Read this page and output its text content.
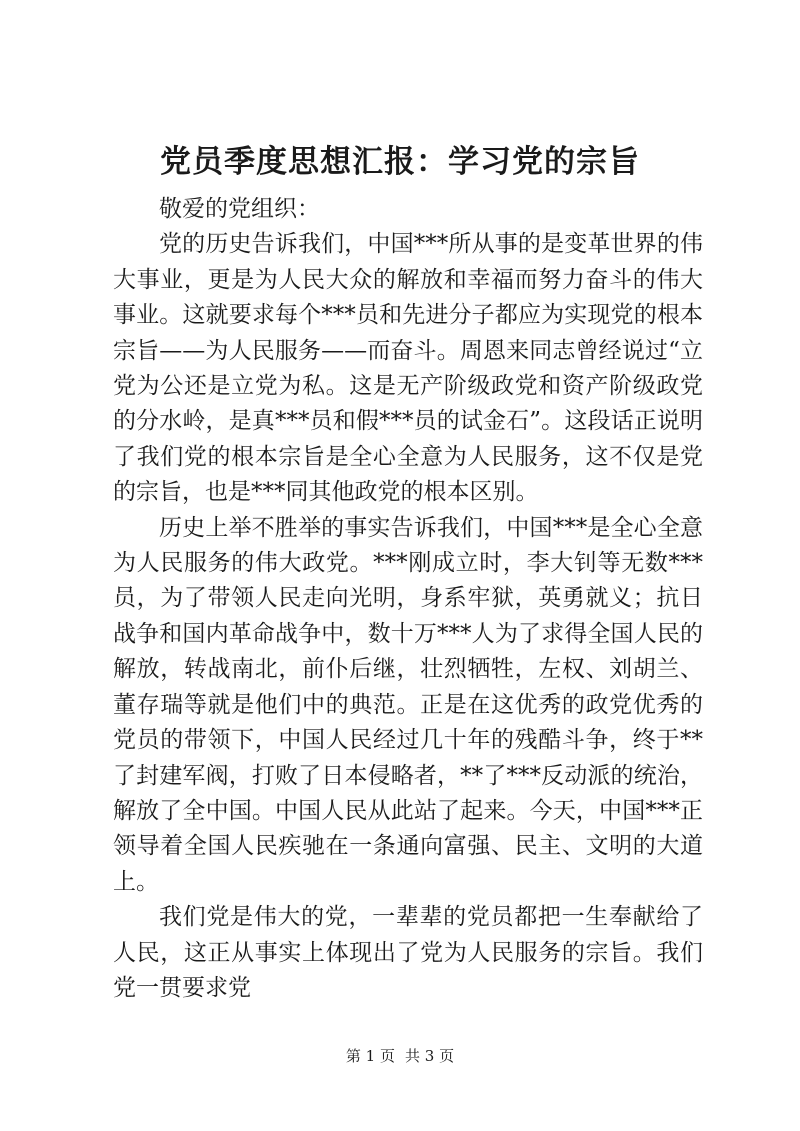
党员季度思想汇报：学习党的宗旨

敬爱的党组织：

党的历史告诉我们，中国***所从事的是变革世界的伟大事业，更是为人民大众的解放和幸福而努力奋斗的伟大事业。这就要求每个***员和先进分子都应为实现党的根本宗旨——为人民服务——而奋斗。周恩来同志曾经说过“立党为公还是立党为私。这是无产阶级政党和资产阶级政党的分水岭，是真***员和假***员的试金石”。这段话正说明了我们党的根本宗旨是全心全意为人民服务，这不仅是党的宗旨，也是***同其他政党的根本区别。

历史上举不胜举的事实告诉我们，中国***是全心全意为人民服务的伟大政党。***刚成立时，李大钊等无数***员，为了带领人民走向光明，身系牢狱，英勇就义；抗日战争和国内革命战争中，数十万***人为了求得全国人民的解放，转战南北，前仆后继，壮烈牺牲，左权、刘胡兰、董存瑞等就是他们中的典范。正是在这优秀的政党优秀的党员的带领下，中国人民经过几十年的残酷斗争，终于**了封建军阀，打败了日本侵略者，**了***反动派的统治，解放了全中国。中国人民从此站了起来。今天，中国***正领导着全国人民疾驰在一条通向富强、民主、文明的大道上。

我们党是伟大的党，一辈辈的党员都把一生奉献给了人民，这正从事实上体现出了党为人民服务的宗旨。我们党一贯要求党

第 1 页 共 3 页
